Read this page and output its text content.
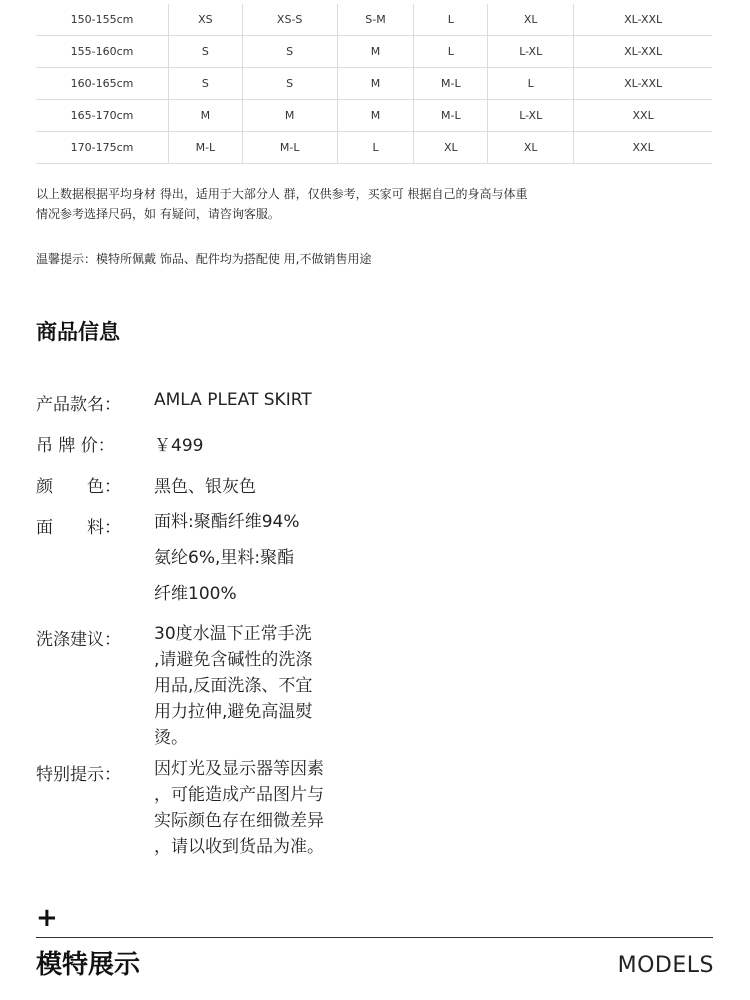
150-155cm	XS	XS-S	S-M	L	XL	XL-XXL
155-160cm	S	S	M	L	L-XL	XL-XXL
160-165cm	S	S	M	M-L	L	XL-XXL
165-170cm	M	M	M	M-L	L-XL	XXL
170-175cm	M-L	M-L	L	XL	XL	XXL
以上数据根据平均身材 得出，适用于大部分人 群，仅供参考，买家可 根据自己的身高与体重
情况参考选择尺码，如 有疑问，请咨询客服。
温馨提示：模特所佩戴 饰品、配件均为搭配使 用,不做销售用途
商品信息
产品款名：	AMLA PLEAT SKIRT
吊 牌 价：	￥499
颜　　色：	黑色、银灰色
面　　料：	面料:聚酯纤维94%
氨纶6%,里料:聚酯
纤维100%
洗涤建议：	30度水温下正常手洗
,请避免含碱性的洗涤
用品,反面洗涤、不宜
用力拉伸,避免高温熨
烫。
特别提示：	因灯光及显示器等因素
，可能造成产品图片与
实际颜色存在细微差异
，请以收到货品为准。
+
模特展示	MODELS
